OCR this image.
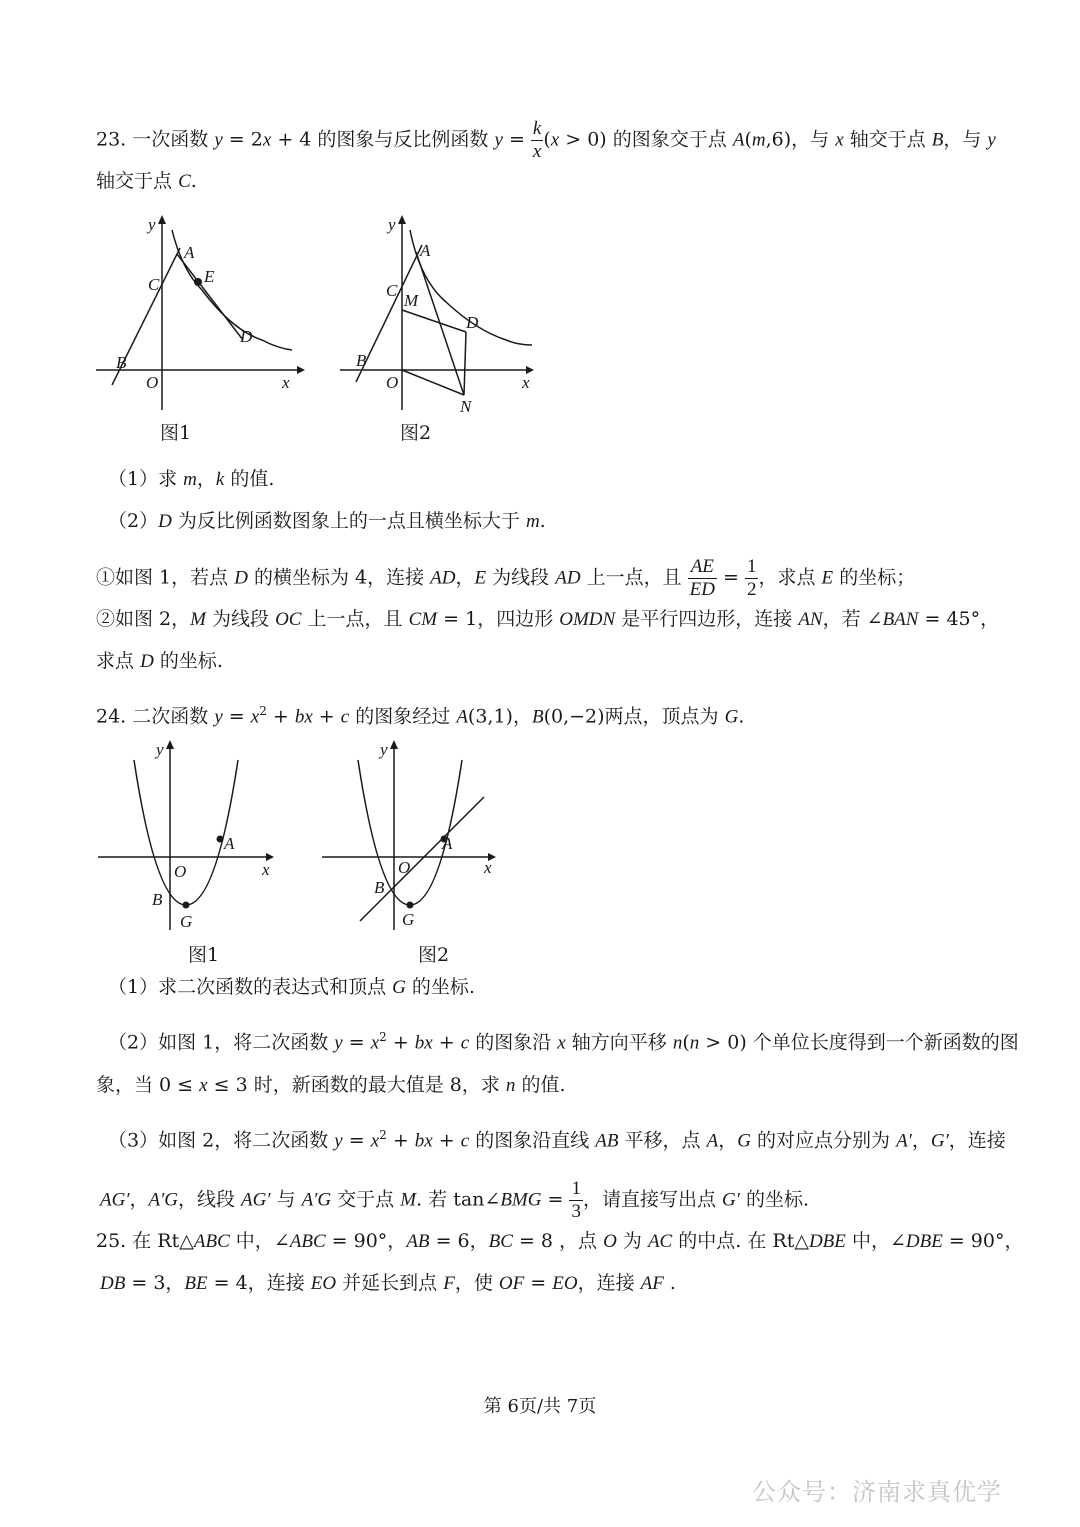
23. 一次函数 y = 2x + 4 的图象与反比例函数 $y = \frac{k}{x} (x > 0)$ 的图象交于点 A(m,6)，与 x 轴交于点 B，与 y
轴交于点 C.
A
E
C
D
B
O	x
y
图1
A
C
M
D
B
O
N
x
y
图2
（1）求 m，k 的值.
（2）D 为反比例函数图象上的一点且横坐标大于 m.
①如图 1，若点 D 的横坐标为 4，连接 AD，E 为线段 AD 上一点，且 $\frac{AE}{ED} = \frac{1}{2}$ ，求点 E 的坐标；
②如图 2，M 为线段 OC 上一点，且 CM = 1，四边形 OMDN 是平行四边形，连接 AN，若 ∠BAN = 45°，
求点 D 的坐标.
24. 二次函数 $y = x^2$ + bx + c 的图象经过 A(3,1)，B(0,−2)两点，顶点为 G.
A
O
B
G
x
y
图1
A
O
B
G
x
y
图2
（1）求二次函数的表达式和顶点 G 的坐标.
（2）如图 1，将二次函数 $y = x^2$ + bx + c 的图象沿 x 轴方向平移 n(n > 0) 个单位长度得到一个新函数的图
象，当 0 ≤ x ≤ 3 时，新函数的最大值是 8，求 n 的值.
（3）如图 2，将二次函数 $y = x^2$ + bx + c 的图象沿直线 AB 平移，点 A，G 的对应点分别为 A′，G′，连接
AG′，A′G，线段 AG′ 与 A′G 交于点 M. 若 tan∠BMG = $\frac{1}{3}$ ，请直接写出点 G′ 的坐标.
25. 在 Rt△ABC 中，∠ABC = 90°，AB = 6，BC = 8 ，点 O 为 AC 的中点. 在 Rt△DBE 中，∠DBE = 90°，
DB = 3，BE = 4，连接 EO 并延长到点 F，使 OF = EO，连接 AF .
第 6页/共 7页
公众号：济南求真优学
